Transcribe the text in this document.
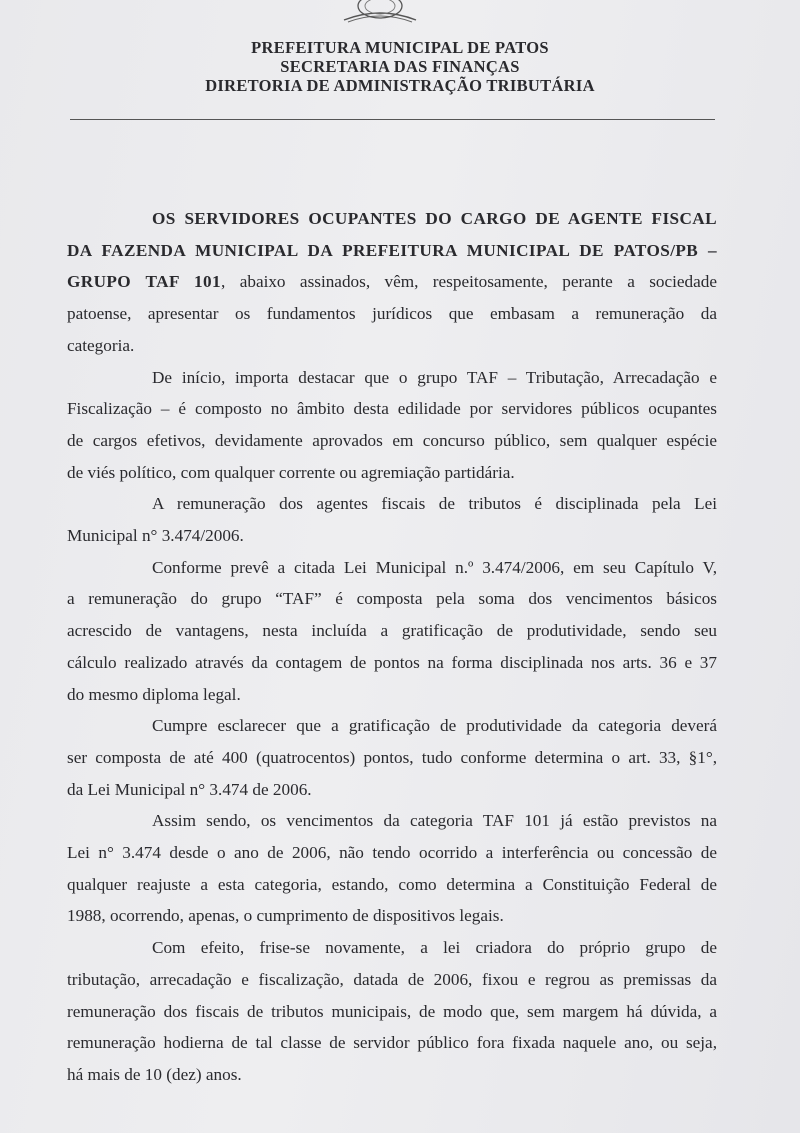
PREFEITURA MUNICIPAL DE PATOS
SECRETARIA DAS FINANÇAS
DIRETORIA DE ADMINISTRAÇÃO TRIBUTÁRIA
OS SERVIDORES OCUPANTES DO CARGO DE AGENTE FISCAL
DA FAZENDA MUNICIPAL DA PREFEITURA MUNICIPAL DE PATOS/PB –
GRUPO TAF 101, abaixo assinados, vêm, respeitosamente, perante a sociedade
patoense, apresentar os fundamentos jurídicos que embasam a remuneração da
categoria.
De início, importa destacar que o grupo TAF – Tributação, Arrecadação e
Fiscalização – é composto no âmbito desta edilidade por servidores públicos ocupantes
de cargos efetivos, devidamente aprovados em concurso público, sem qualquer espécie
de viés político, com qualquer corrente ou agremiação partidária.
A remuneração dos agentes fiscais de tributos é disciplinada pela Lei
Municipal n° 3.474/2006.
Conforme prevê a citada Lei Municipal n.º 3.474/2006, em seu Capítulo V,
a remuneração do grupo “TAF” é composta pela soma dos vencimentos básicos
acrescido de vantagens, nesta incluída a gratificação de produtividade, sendo seu
cálculo realizado através da contagem de pontos na forma disciplinada nos arts. 36 e 37
do mesmo diploma legal.
Cumpre esclarecer que a gratificação de produtividade da categoria deverá
ser composta de até 400 (quatrocentos) pontos, tudo conforme determina o art. 33, §1°,
da Lei Municipal n° 3.474 de 2006.
Assim sendo, os vencimentos da categoria TAF 101 já estão previstos na
Lei n° 3.474 desde o ano de 2006, não tendo ocorrido a interferência ou concessão de
qualquer reajuste a esta categoria, estando, como determina a Constituição Federal de
1988, ocorrendo, apenas, o cumprimento de dispositivos legais.
Com efeito, frise-se novamente, a lei criadora do próprio grupo de
tributação, arrecadação e fiscalização, datada de 2006, fixou e regrou as premissas da
remuneração dos fiscais de tributos municipais, de modo que, sem margem há dúvida, a
remuneração hodierna de tal classe de servidor público fora fixada naquele ano, ou seja,
há mais de 10 (dez) anos.
